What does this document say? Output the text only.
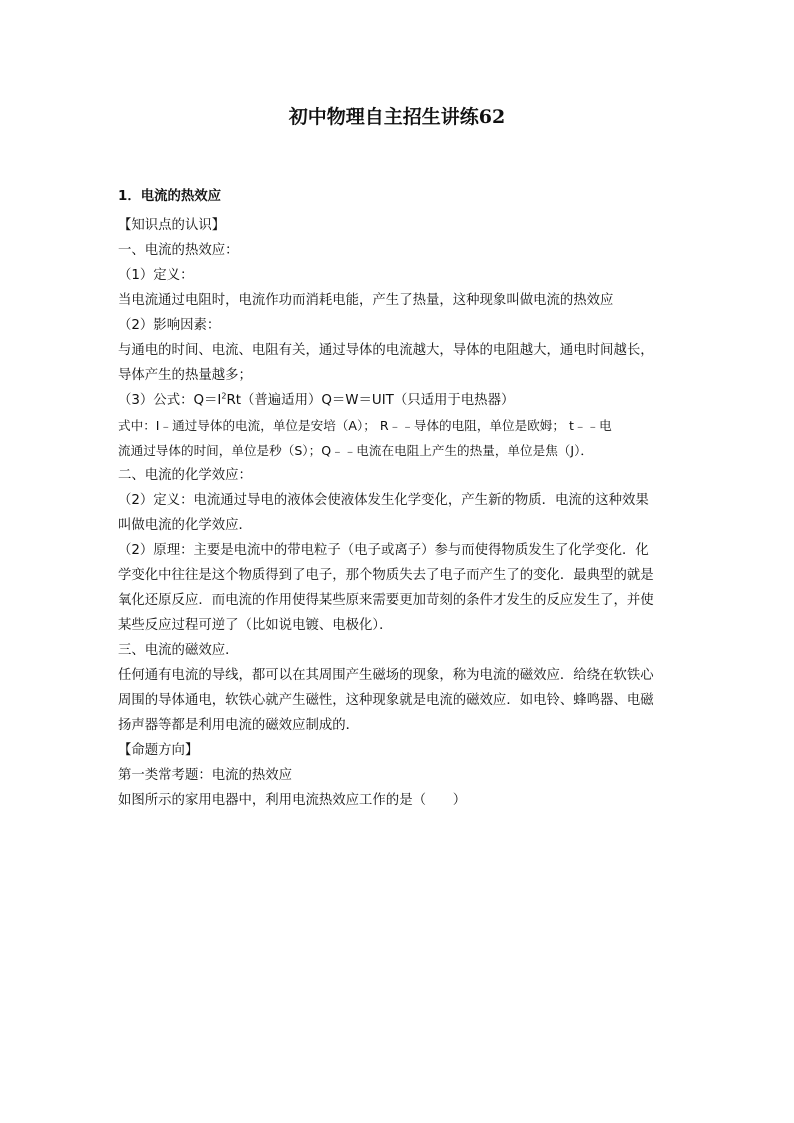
初中物理自主招生讲练62
1．电流的热效应
【知识点的认识】
一、电流的热效应：
（1）定义：
当电流通过电阻时，电流作功而消耗电能，产生了热量，这种现象叫做电流的热效应
（2）影响因素：
与通电的时间、电流、电阻有关，通过导体的电流越大，导体的电阻越大，通电时间越长，
导体产生的热量越多；
（3）公式：$Q=I^2Rt$（普遍适用）Q＝W＝UIT（只适用于电热器）
式中：I﹣通过导体的电流，单位是安培（A）； R﹣﹣导体的电阻，单位是欧姆； t﹣﹣电
流通过导体的时间，单位是秒（S）；Q﹣﹣电流在电阻上产生的热量，单位是焦（J）．
二、电流的化学效应：
（2）定义：电流通过导电的液体会使液体发生化学变化，产生新的物质．电流的这种效果
叫做电流的化学效应．
（2）原理：主要是电流中的带电粒子（电子或离子）参与而使得物质发生了化学变化．化
学变化中往往是这个物质得到了电子，那个物质失去了电子而产生了的变化．最典型的就是
氧化还原反应．而电流的作用使得某些原来需要更加苛刻的条件才发生的反应发生了，并使
某些反应过程可逆了（比如说电镀、电极化）．
三、电流的磁效应．
任何通有电流的导线，都可以在其周围产生磁场的现象，称为电流的磁效应．给绕在软铁心
周围的导体通电，软铁心就产生磁性，这种现象就是电流的磁效应．如电铃、蜂鸣器、电磁
扬声器等都是利用电流的磁效应制成的．
【命题方向】
第一类常考题：电流的热效应
如图所示的家用电器中，利用电流热效应工作的是（　　）
